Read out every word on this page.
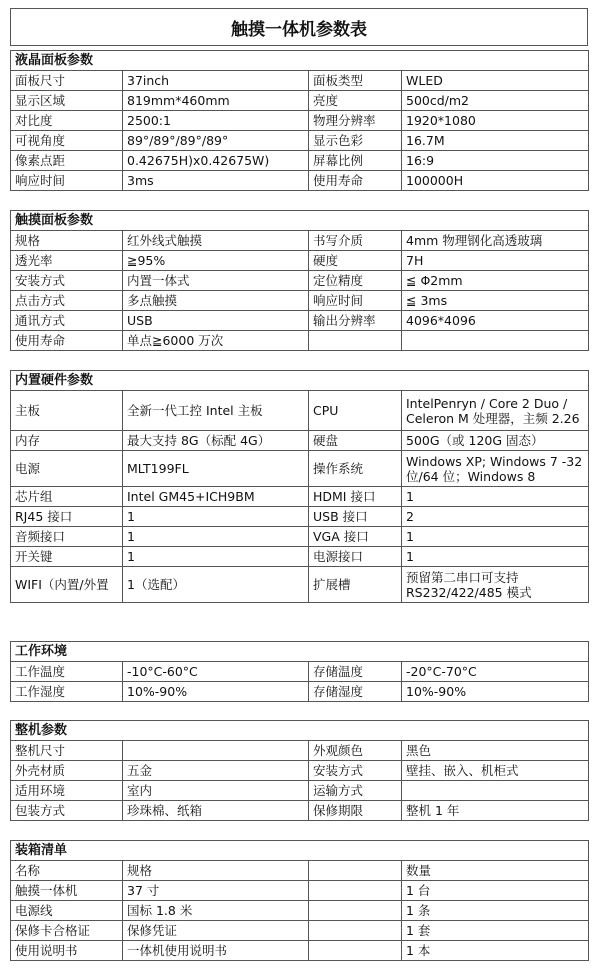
触摸一体机参数表
液晶面板参数			
面板尺寸	37inch	面板类型	WLED
显示区域	819mm*460mm	亮度	500cd/m2
对比度	2500:1	物理分辨率	1920*1080
可视角度	89°/89°/89°/89°	显示色彩	16.7M
像素点距	0.42675H)x0.42675W)	屏幕比例	16:9
响应时间	3ms	使用寿命	100000H
触摸面板参数			
规格	红外线式触摸	书写介质	4mm 物理钢化高透玻璃
透光率	≧95%	硬度	7H
安装方式	内置一体式	定位精度	≦ Φ2mm
点击方式	多点触摸	响应时间	≦ 3ms
通讯方式	USB	输出分辨率	4096*4096
使用寿命	单点≧6000 万次		
内置硬件参数			
主板	全新一代工控 Intel 主板	CPU	IntelPenryn / Core 2 Duo / Celeron M 处理器，主频 2.26
内存	最大支持 8G（标配 4G）	硬盘	500G（或 120G 固态）
电源	MLT199FL	操作系统	Windows XP; Windows 7 -32 位/64 位；Windows 8
芯片组	Intel GM45+ICH9BM	HDMI 接口	1
RJ45 接口	1	USB 接口	2
音频接口	1	VGA 接口	1
开关键	1	电源接口	1
WIFI（内置/外置	1（选配）	扩展槽	预留第二串口可支持 RS232/422/485 模式
工作环境			
工作温度	-10°C-60°C	存储温度	-20°C-70°C
工作湿度	10%-90%	存储湿度	10%-90%
整机参数			
整机尺寸		外观颜色	黑色
外壳材质	五金	安装方式	壁挂、嵌入、机柜式
适用环境	室内	运输方式	
包装方式	珍珠棉、纸箱	保修期限	整机 1 年
装箱清单			
名称	规格		数量
触摸一体机	37 寸		1 台
电源线	国标 1.8 米		1 条
保修卡合格证	保修凭证		1 套
使用说明书	一体机使用说明书		1 本
